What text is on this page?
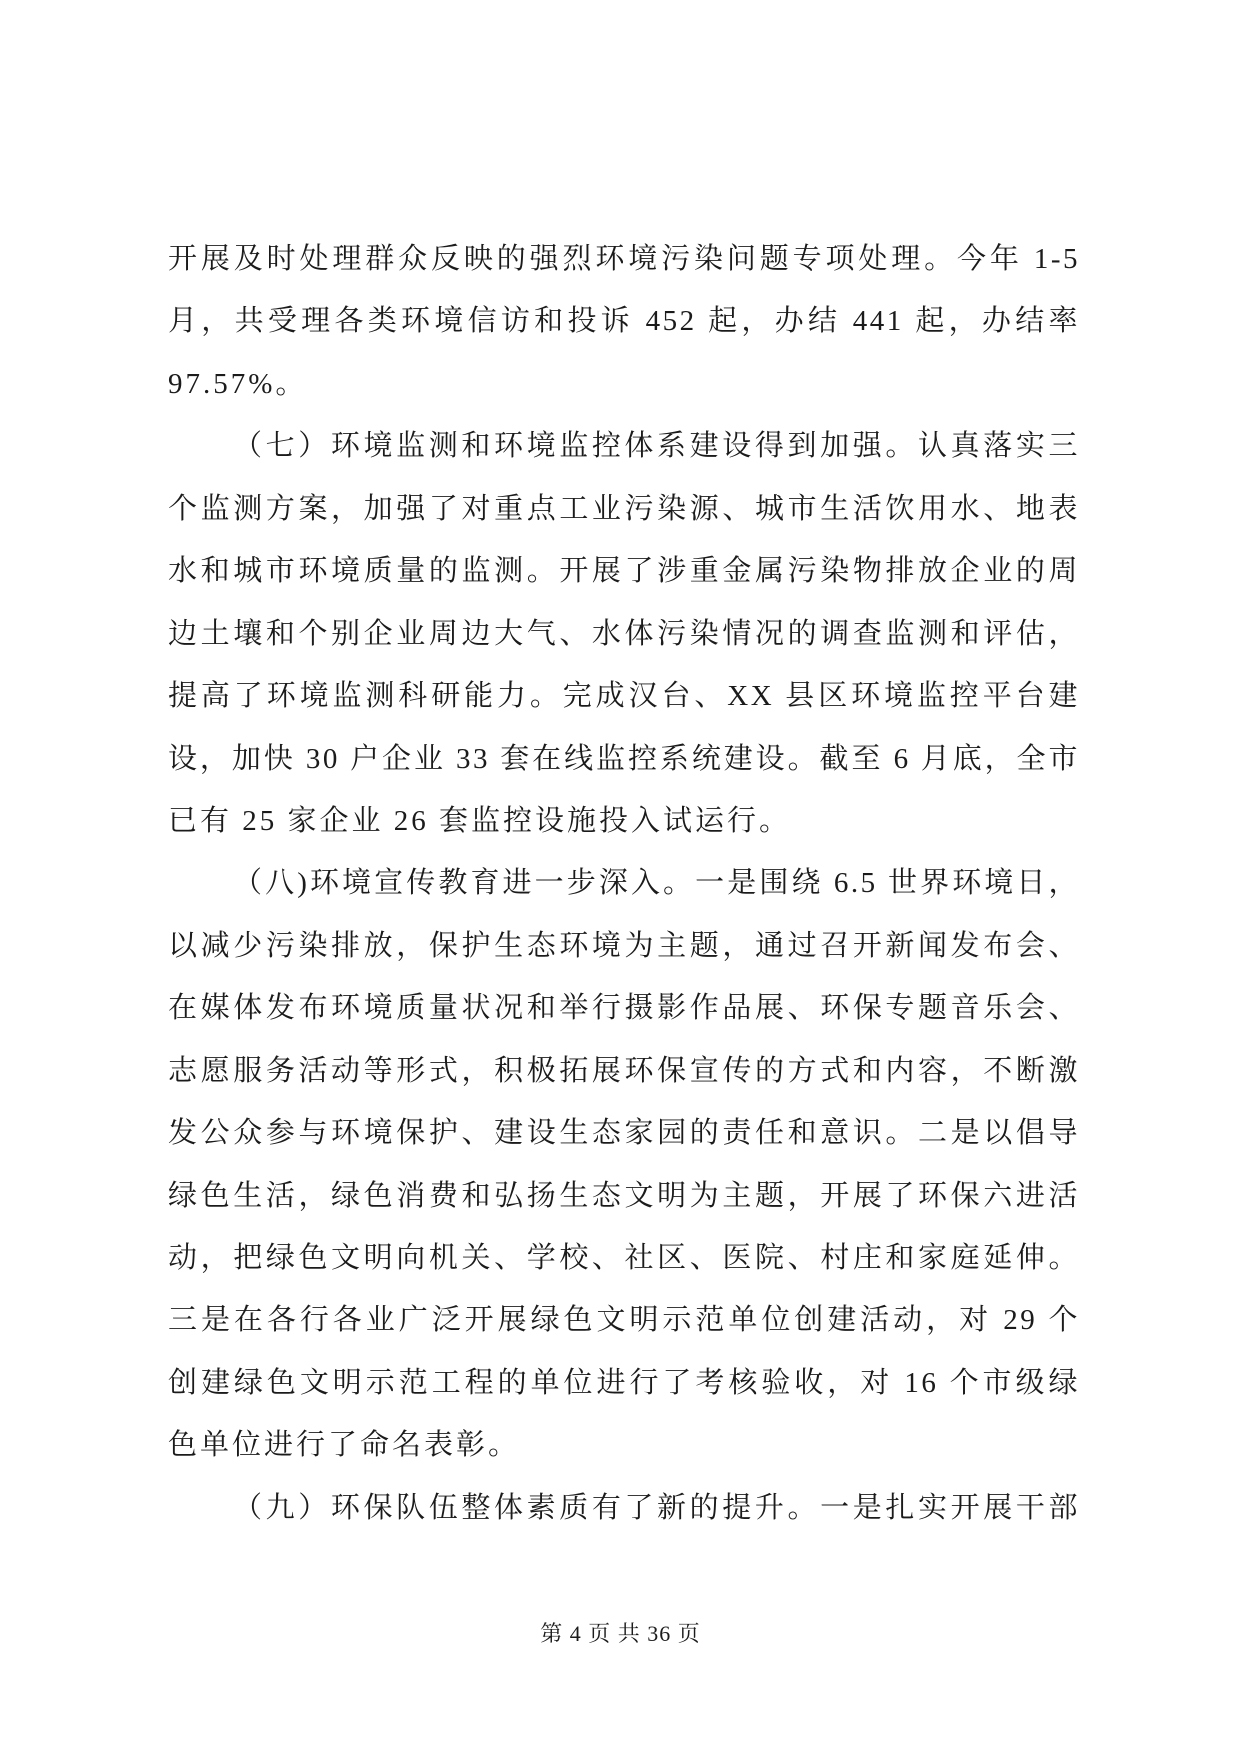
开展及时处理群众反映的强烈环境污染问题专项处理。今年 1-5
月，共受理各类环境信访和投诉 452 起，办结 441 起，办结率
97.57%。
（七）环境监测和环境监控体系建设得到加强。认真落实三
个监测方案，加强了对重点工业污染源、城市生活饮用水、地表
水和城市环境质量的监测。开展了涉重金属污染物排放企业的周
边土壤和个别企业周边大气、水体污染情况的调查监测和评估，
提高了环境监测科研能力。完成汉台、XX 县区环境监控平台建
设，加快 30 户企业 33 套在线监控系统建设。截至 6 月底，全市
已有 25 家企业 26 套监控设施投入试运行。
（八)环境宣传教育进一步深入。一是围绕 6.5 世界环境日，
以减少污染排放，保护生态环境为主题，通过召开新闻发布会、
在媒体发布环境质量状况和举行摄影作品展、环保专题音乐会、
志愿服务活动等形式，积极拓展环保宣传的方式和内容，不断激
发公众参与环境保护、建设生态家园的责任和意识。二是以倡导
绿色生活，绿色消费和弘扬生态文明为主题，开展了环保六进活
动，把绿色文明向机关、学校、社区、医院、村庄和家庭延伸。
三是在各行各业广泛开展绿色文明示范单位创建活动，对 29 个
创建绿色文明示范工程的单位进行了考核验收，对 16 个市级绿
色单位进行了命名表彰。
（九）环保队伍整体素质有了新的提升。一是扎实开展干部
第 4 页 共 36 页
